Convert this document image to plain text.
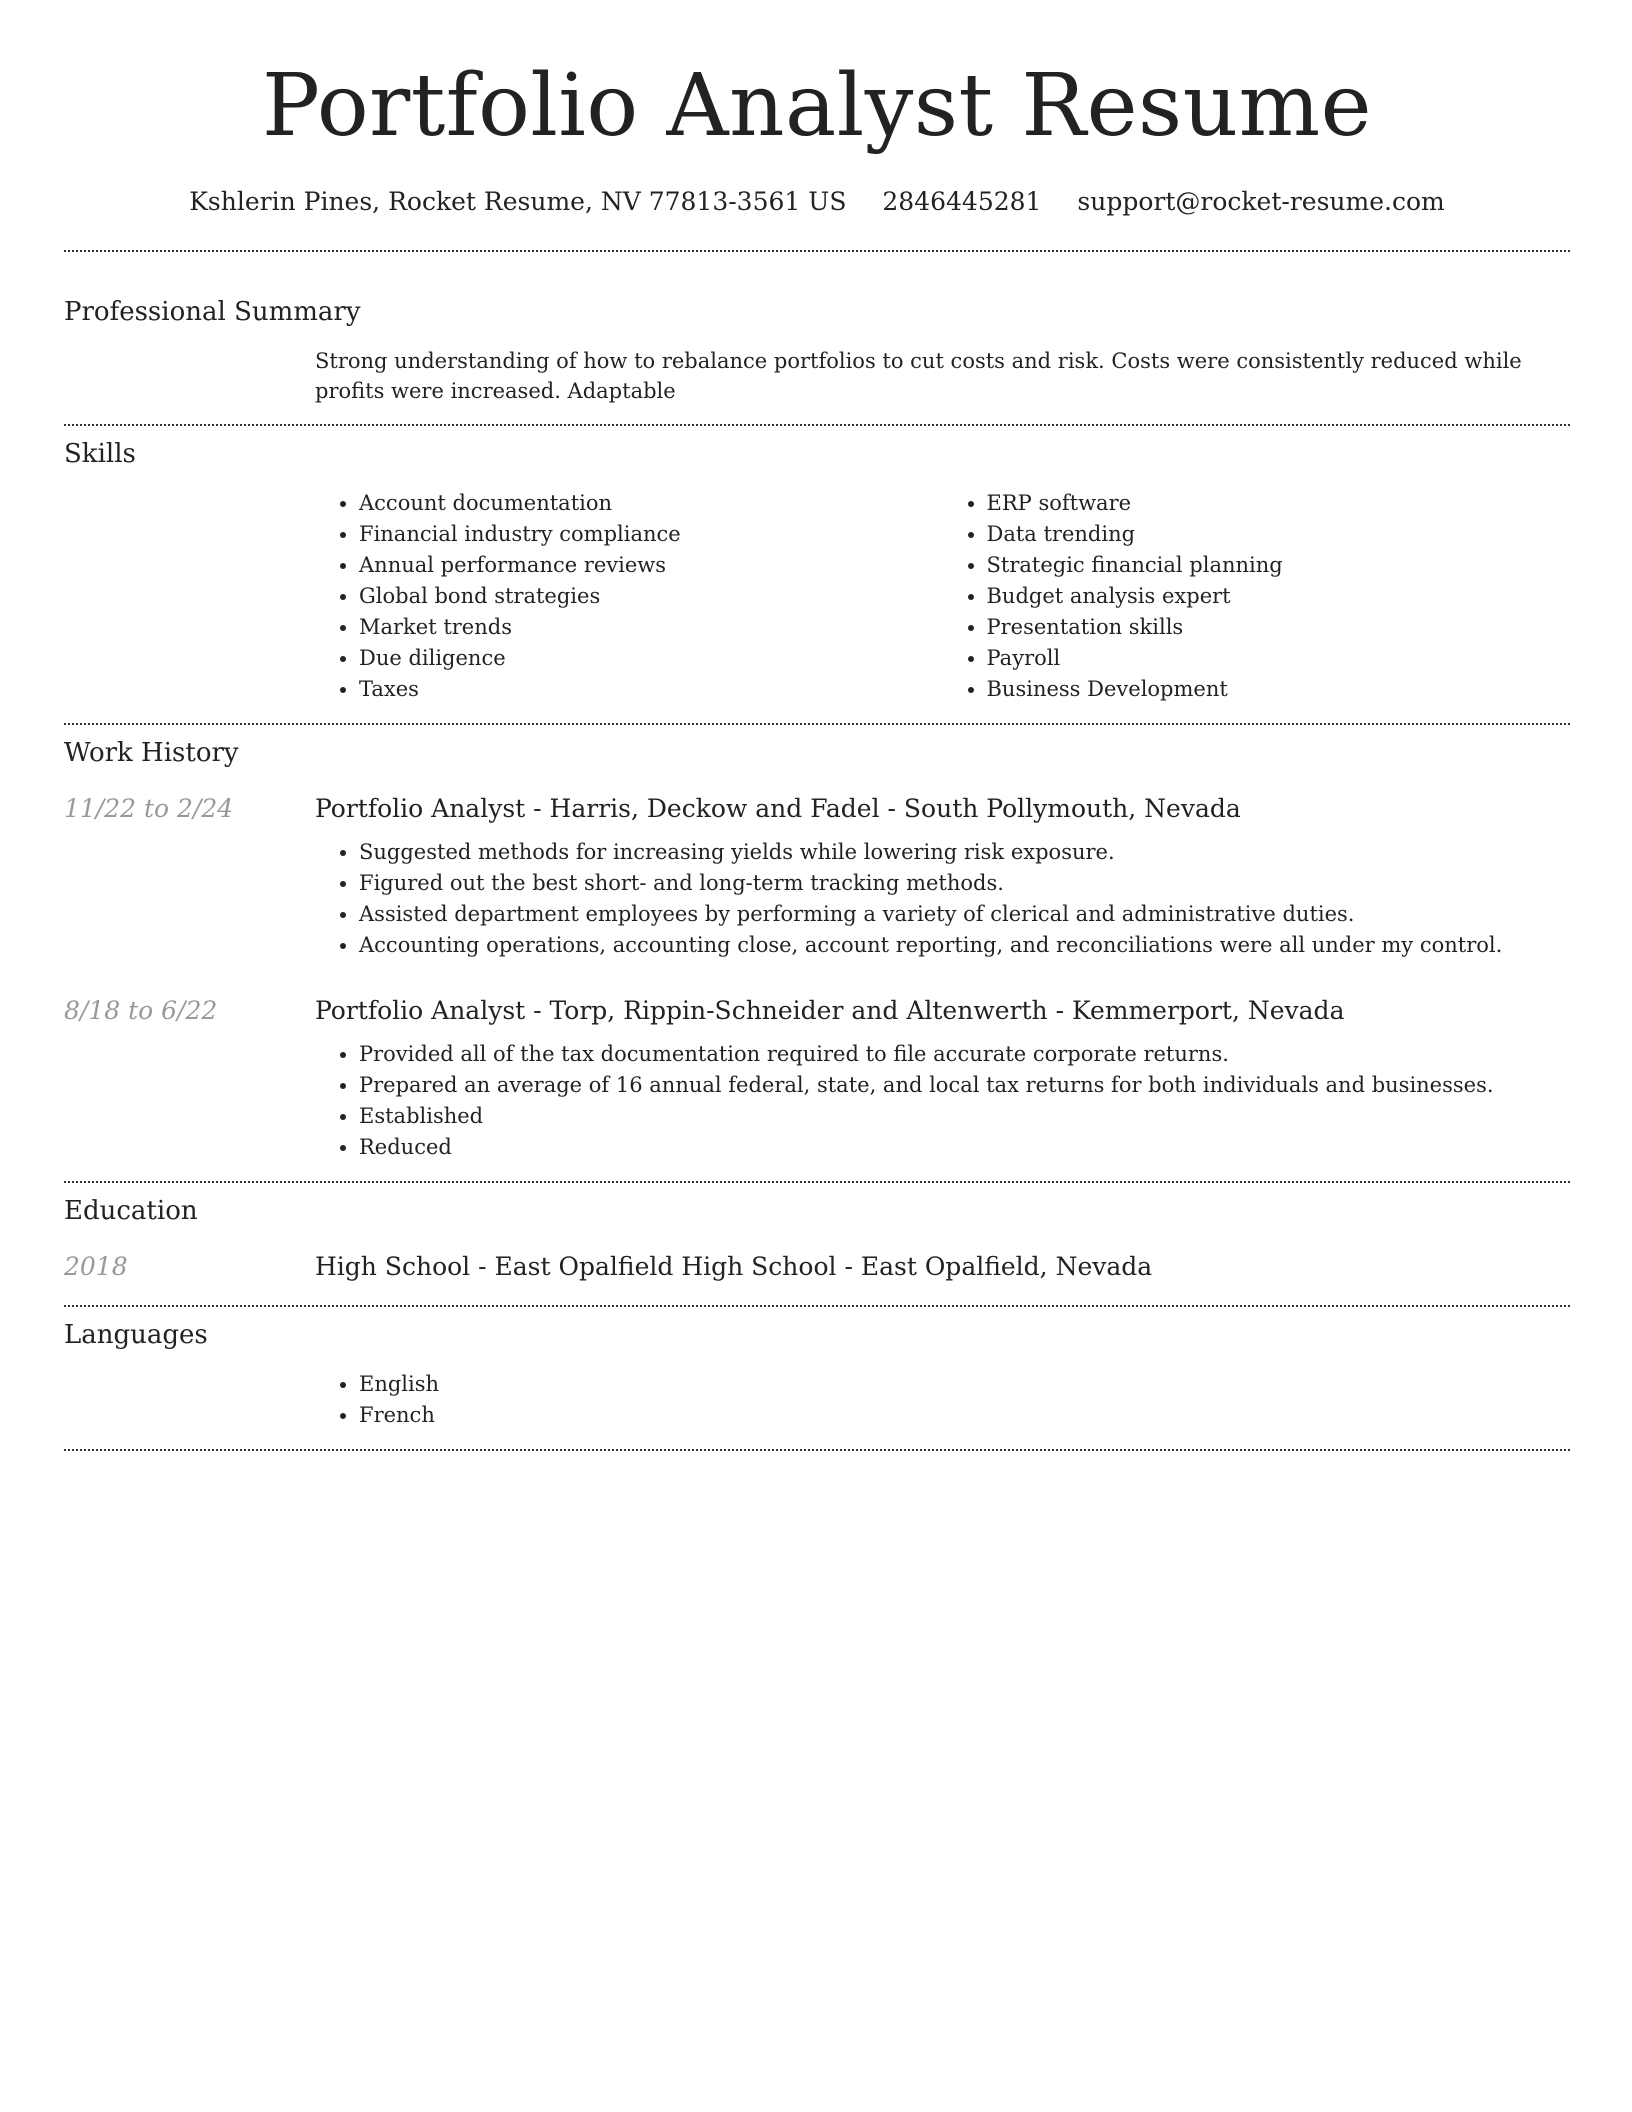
Portfolio Analyst Resume
Kshlerin Pines, Rocket Resume, NV 77813-3561 US 2846445281 support@rocket-resume.com
Professional Summary
Strong understanding of how to rebalance portfolios to cut costs and risk. Costs were consistently reduced while profits were increased. Adaptable
Skills
• Account documentation
• Financial industry compliance
• Annual performance reviews
• Global bond strategies
• Market trends
• Due diligence
• Taxes
• ERP software
• Data trending
• Strategic financial planning
• Budget analysis expert
• Presentation skills
• Payroll
• Business Development
Work History
11/22 to 2/24	Portfolio Analyst - Harris, Deckow and Fadel - South Pollymouth, Nevada
• Suggested methods for increasing yields while lowering risk exposure.
• Figured out the best short- and long-term tracking methods.
• Assisted department employees by performing a variety of clerical and administrative duties.
• Accounting operations, accounting close, account reporting, and reconciliations were all under my control.
8/18 to 6/22	Portfolio Analyst - Torp, Rippin-Schneider and Altenwerth - Kemmerport, Nevada
• Provided all of the tax documentation required to file accurate corporate returns.
• Prepared an average of 16 annual federal, state, and local tax returns for both individuals and businesses.
• Established
• Reduced
Education
2018	High School - East Opalfield High School - East Opalfield, Nevada
Languages
• English
• French
